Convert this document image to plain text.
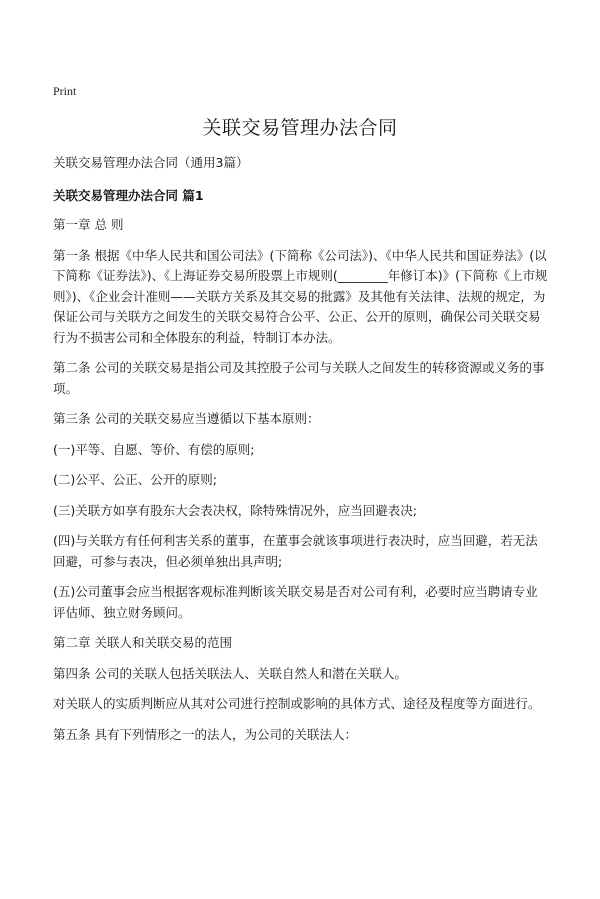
Print
关联交易管理办法合同

关联交易管理办法合同（通用3篇）

关联交易管理办法合同 篇1

第一章 总 则

第一条 根据《中华人民共和国公司法》(下简称《公司法》)、《中华人民共和国证券法》(以下简称《证券法》)、《上海证券交易所股票上市规则(________年修订本)》(下简称《上市规则》)、《企业会计准则——关联方关系及其交易的批露》及其他有关法律、法规的规定，为保证公司与关联方之间发生的关联交易符合公平、公正、公开的原则，确保公司关联交易行为不损害公司和全体股东的利益，特制订本办法。

第二条 公司的关联交易是指公司及其控股子公司与关联人之间发生的转移资源或义务的事项。

第三条 公司的关联交易应当遵循以下基本原则：

(一)平等、自愿、等价、有偿的原则;

(二)公平、公正、公开的原则;

(三)关联方如享有股东大会表决权，除特殊情况外，应当回避表决;

(四)与关联方有任何利害关系的董事，在董事会就该事项进行表决时，应当回避，若无法回避，可参与表决，但必须单独出具声明;

(五)公司董事会应当根据客观标准判断该关联交易是否对公司有利，必要时应当聘请专业评估师、独立财务顾问。

第二章 关联人和关联交易的范围

第四条 公司的关联人包括关联法人、关联自然人和潜在关联人。

对关联人的实质判断应从其对公司进行控制或影响的具体方式、途径及程度等方面进行。

第五条 具有下列情形之一的法人，为公司的关联法人：
